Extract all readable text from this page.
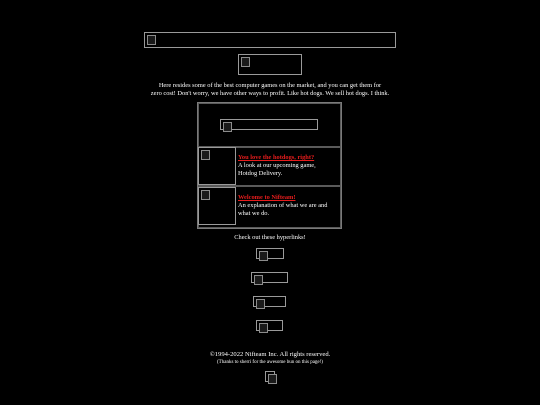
Here resides some of the best computer games on the market, and you can get them for
zero cost! Don't worry, we have other ways to profit. Like hot dogs. We sell hot dogs. I think.
You love the hotdogs, right?
A look at our upcoming game,
Hotdog Delivery.
Welcome to Nifteam!
An explanation of what we are and
what we do.
Check out these hyperlinks!
©1994-2022 Nifteam Inc. All rights reserved.
(Thanks to sherri for the awesome bun on this page!)
